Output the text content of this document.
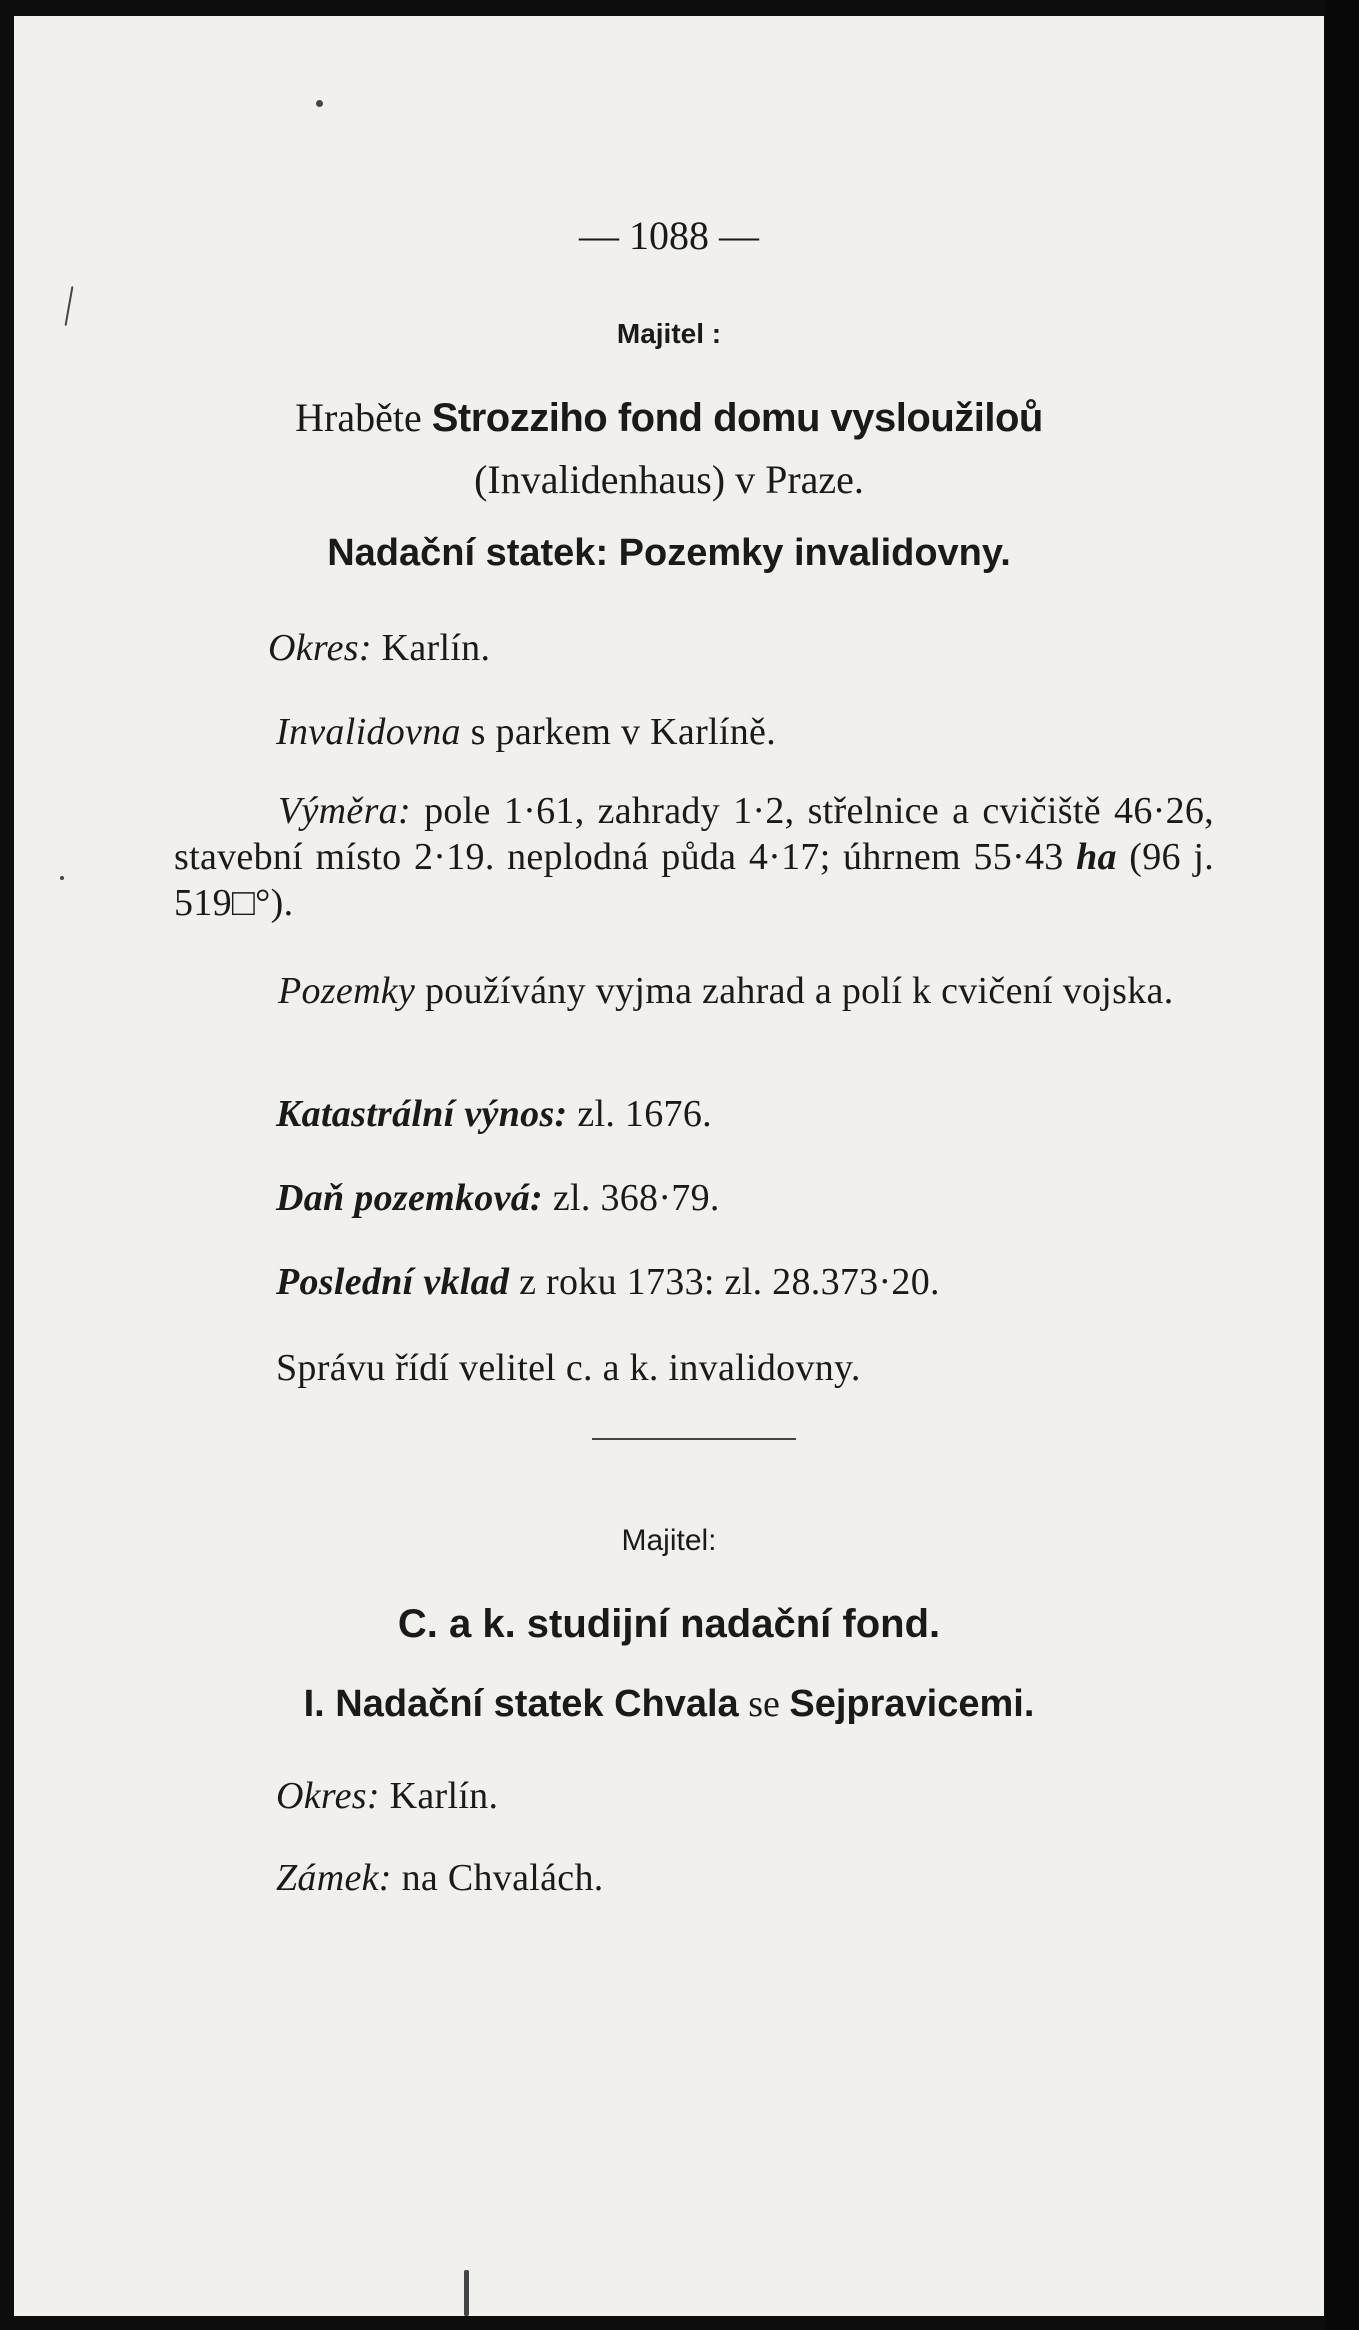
— 1088 —
Majitel :
Hraběte Strozziho fond domu vysloužiloů
(Invalidenhaus) v Praze.
Nadační statek: Pozemky invalidovny.
Okres: Karlín.
Invalidovna s parkem v Karlíně.
Výměra: pole 1·61, zahrady 1·2, střelnice a cvičiště 46·26, stavební místo 2·19. neplodná půda 4·17; úhrnem 55·43 ha (96 j. 519□°).
Pozemky používány vyjma zahrad a polí k cvičení vojska.
Katastrální výnos: zl. 1676.
Daň pozemková: zl. 368·79.
Poslední vklad z roku 1733: zl. 28.373·20.
Správu řídí velitel c. a k. invalidovny.
Majitel:
C. a k. studijní nadační fond.
I. Nadační statek Chvala se Sejpravicemi.
Okres: Karlín.
Zámek: na Chvalách.
